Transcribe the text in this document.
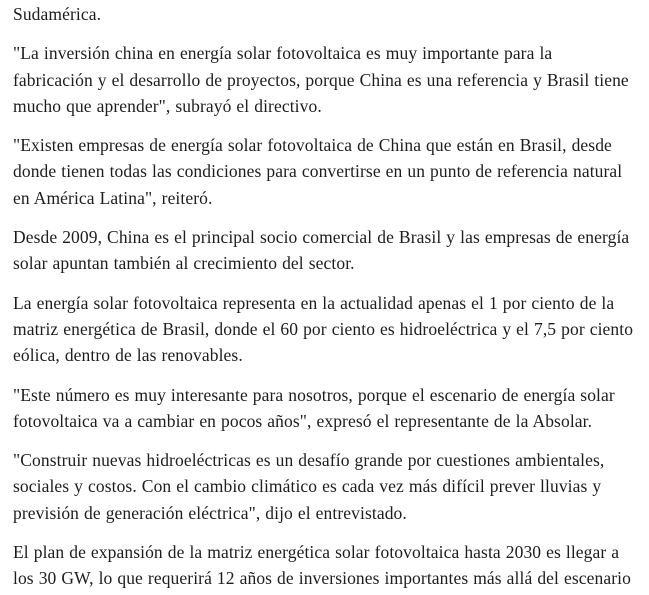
Sudamérica.

"La inversión china en energía solar fotovoltaica es muy importante para la fabricación y el desarrollo de proyectos, porque China es una referencia y Brasil tiene mucho que aprender", subrayó el directivo.

"Existen empresas de energía solar fotovoltaica de China que están en Brasil, desde donde tienen todas las condiciones para convertirse en un punto de referencia natural en América Latina", reiteró.

Desde 2009, China es el principal socio comercial de Brasil y las empresas de energía solar apuntan también al crecimiento del sector.

La energía solar fotovoltaica representa en la actualidad apenas el 1 por ciento de la matriz energética de Brasil, donde el 60 por ciento es hidroeléctrica y el 7,5 por ciento eólica, dentro de las renovables.

"Este número es muy interesante para nosotros, porque el escenario de energía solar fotovoltaica va a cambiar en pocos años", expresó el representante de la Absolar.

"Construir nuevas hidroeléctricas es un desafío grande por cuestiones ambientales, sociales y costos. Con el cambio climático es cada vez más difícil prever lluvias y previsión de generación eléctrica", dijo el entrevistado.

El plan de expansión de la matriz energética solar fotovoltaica hasta 2030 es llegar a los 30 GW, lo que requerirá 12 años de inversiones importantes más allá del escenario
